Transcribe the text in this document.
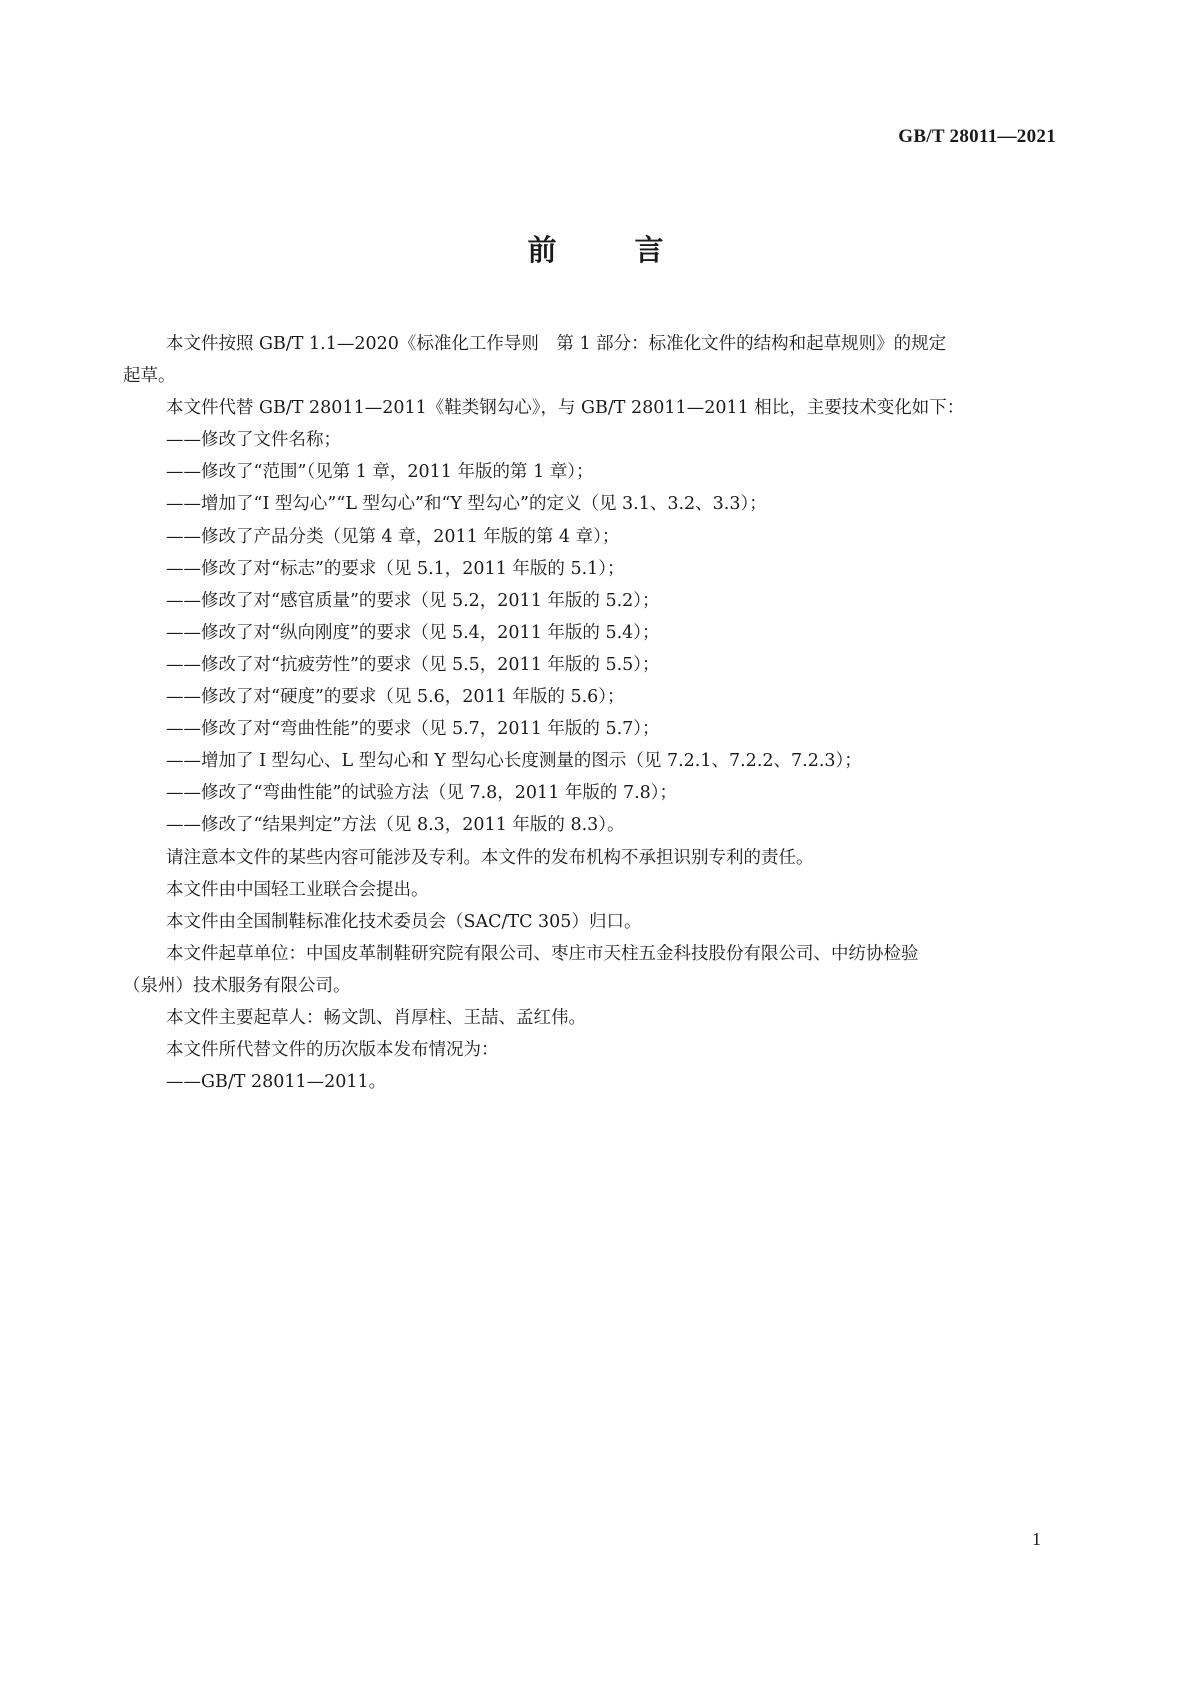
GB/T 28011—2021
前 言
本文件按照 GB/T 1.1—2020《标准化工作导则　第 1 部分：标准化文件的结构和起草规则》的规定
起草。
本文件代替 GB/T 28011—2011《鞋类钢勾心》，与 GB/T 28011—2011 相比，主要技术变化如下：
——修改了文件名称；
——修改了“范围”（见第 1 章，2011 年版的第 1 章）；
——增加了“I 型勾心”“L 型勾心”和“Y 型勾心”的定义（见 3.1、3.2、3.3）；
——修改了产品分类（见第 4 章，2011 年版的第 4 章）；
——修改了对“标志”的要求（见 5.1，2011 年版的 5.1）；
——修改了对“感官质量”的要求（见 5.2，2011 年版的 5.2）；
——修改了对“纵向刚度”的要求（见 5.4，2011 年版的 5.4）；
——修改了对“抗疲劳性”的要求（见 5.5，2011 年版的 5.5）；
——修改了对“硬度”的要求（见 5.6，2011 年版的 5.6）；
——修改了对“弯曲性能”的要求（见 5.7，2011 年版的 5.7）；
——增加了 I 型勾心、L 型勾心和 Y 型勾心长度测量的图示（见 7.2.1、7.2.2、7.2.3）；
——修改了“弯曲性能”的试验方法（见 7.8，2011 年版的 7.8）；
——修改了“结果判定”方法（见 8.3，2011 年版的 8.3）。
请注意本文件的某些内容可能涉及专利。本文件的发布机构不承担识别专利的责任。
本文件由中国轻工业联合会提出。
本文件由全国制鞋标准化技术委员会（SAC/TC 305）归口。
本文件起草单位：中国皮革制鞋研究院有限公司、枣庄市天柱五金科技股份有限公司、中纺协检验
（泉州）技术服务有限公司。
本文件主要起草人：畅文凯、肖厚柱、王喆、孟红伟。
本文件所代替文件的历次版本发布情况为：
——GB/T 28011—2011。
1
